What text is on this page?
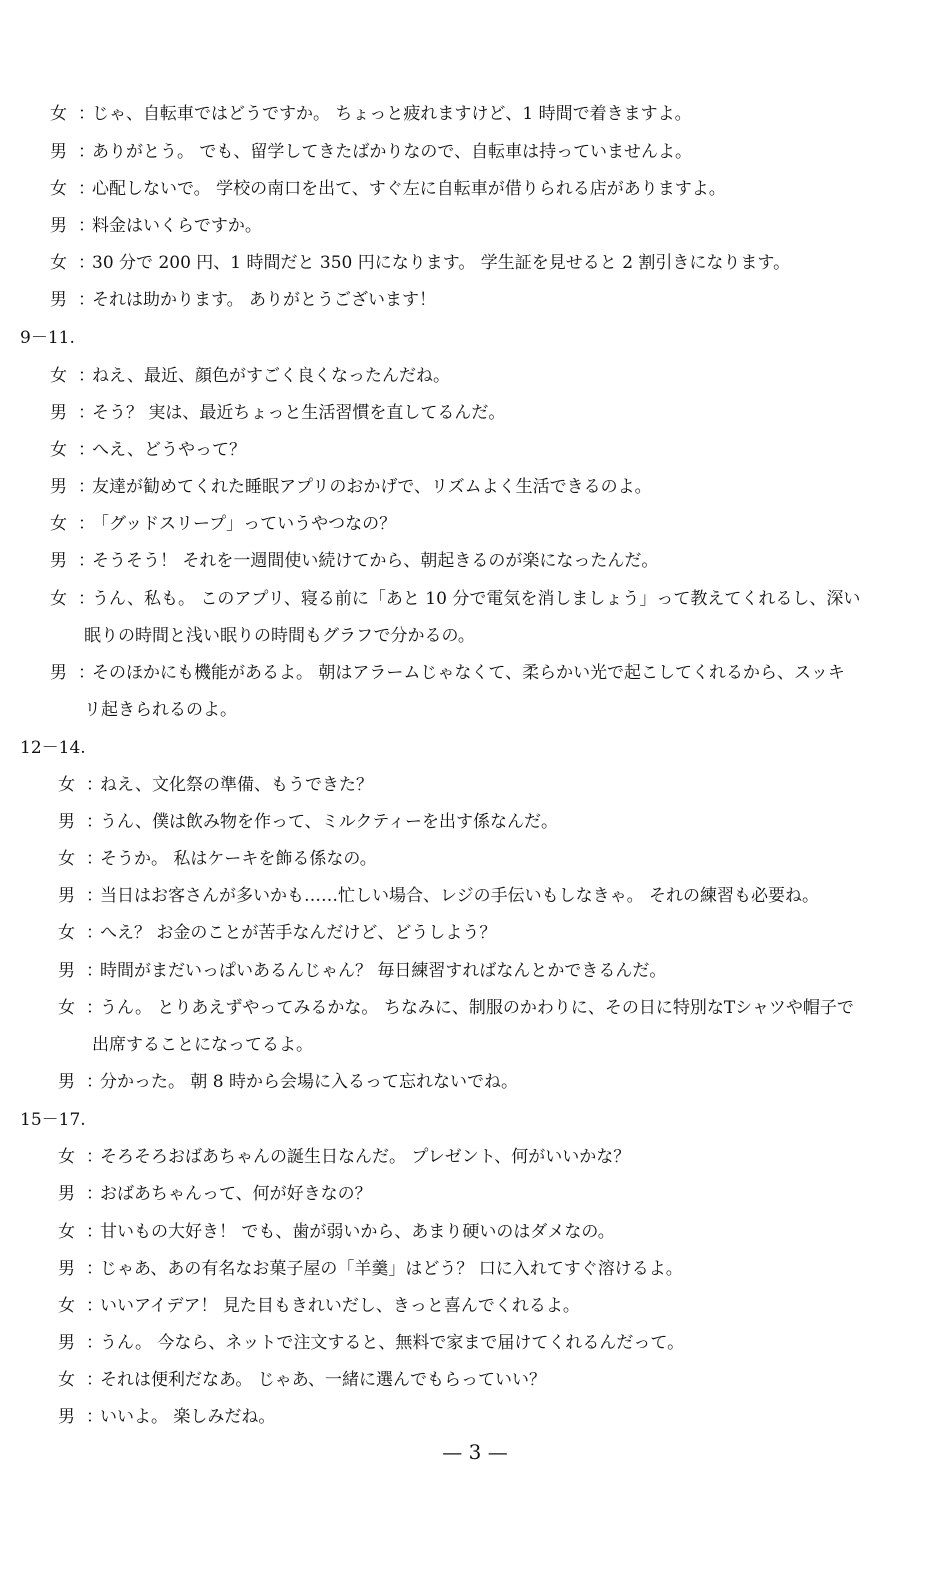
女 ：じゃ、自転車ではどうですか。 ちょっと疲れますけど、1 時間で着きますよ。
男 ：ありがとう。 でも、留学してきたばかりなので、自転車は持っていませんよ。
女 ：心配しないで。 学校の南口を出て、すぐ左に自転車が借りられる店がありますよ。
男 ：料金はいくらですか。
女 ：30 分で 200 円、1 時間だと 350 円になります。 学生証を見せると 2 割引きになります。
男 ：それは助かります。 ありがとうございます！
9－11.
女 ：ねえ、最近、顔色がすごく良くなったんだね。
男 ：そう？ 実は、最近ちょっと生活習慣を直してるんだ。
女 ：へえ、どうやって？
男 ：友達が勧めてくれた睡眠アプリのおかげで、リズムよく生活できるのよ。
女 ：「グッドスリープ」っていうやつなの？
男 ：そうそう！ それを一週間使い続けてから、朝起きるのが楽になったんだ。
女 ：うん、私も。 このアプリ、寝る前に「あと 10 分で電気を消しましょう」って教えてくれるし、深い
眠りの時間と浅い眠りの時間もグラフで分かるの。
男 ：そのほかにも機能があるよ。 朝はアラームじゃなくて、柔らかい光で起こしてくれるから、スッキ
リ起きられるのよ。
12－14.
女 ：ねえ、文化祭の準備、もうできた？
男 ：うん、僕は飲み物を作って、ミルクティーを出す係なんだ。
女 ：そうか。 私はケーキを飾る係なの。
男 ：当日はお客さんが多いかも……忙しい場合、レジの手伝いもしなきゃ。 それの練習も必要ね。
女 ：へえ？ お金のことが苦手なんだけど、どうしよう？
男 ：時間がまだいっぱいあるんじゃん？ 毎日練習すればなんとかできるんだ。
女 ：うん。 とりあえずやってみるかな。 ちなみに、制服のかわりに、その日に特別なTシャツや帽子で
出席することになってるよ。
男 ：分かった。 朝 8 時から会場に入るって忘れないでね。
15－17.
女 ：そろそろおばあちゃんの誕生日なんだ。 プレゼント、何がいいかな？
男 ：おばあちゃんって、何が好きなの？
女 ：甘いもの大好き！ でも、歯が弱いから、あまり硬いのはダメなの。
男 ：じゃあ、あの有名なお菓子屋の「羊羹」はどう？ 口に入れてすぐ溶けるよ。
女 ：いいアイデア！ 見た目もきれいだし、きっと喜んでくれるよ。
男 ：うん。 今なら、ネットで注文すると、無料で家まで届けてくれるんだって。
女 ：それは便利だなあ。 じゃあ、一緒に選んでもらっていい？
男 ：いいよ。 楽しみだね。
— 3 —
